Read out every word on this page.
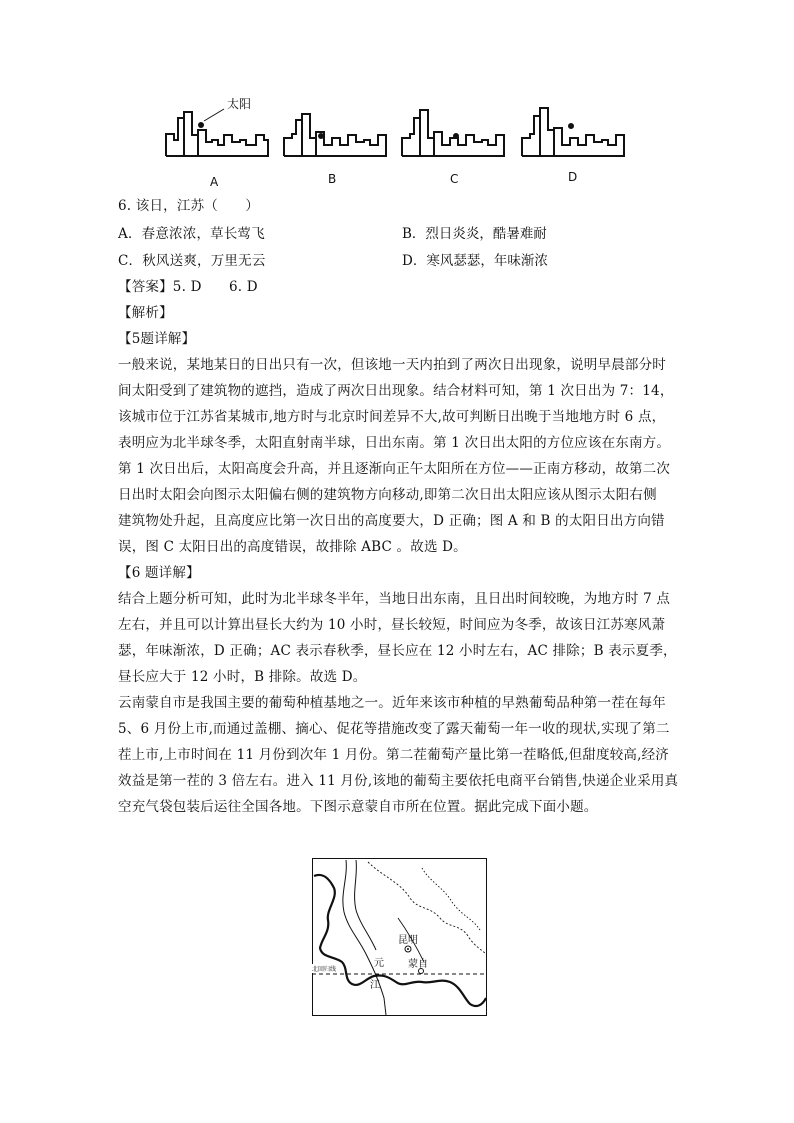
太阳
A	B	C	D
6. 该日，江苏（　　）
A．春意浓浓，草长莺飞	B．烈日炎炎，酷暑难耐
C．秋风送爽，万里无云	D．寒风瑟瑟，年味渐浓
【答案】5. D　　6. D
【解析】
【5题详解】
一般来说，某地某日的日出只有一次，但该地一天内拍到了两次日出现象，说明早晨部分时
间太阳受到了建筑物的遮挡，造成了两次日出现象。结合材料可知，第 1 次日出为 7：14，
该城市位于江苏省某城市,地方时与北京时间差异不大,故可判断日出晚于当地地方时 6 点，
表明应为北半球冬季，太阳直射南半球，日出东南。第 1 次日出太阳的方位应该在东南方。
第 1 次日出后，太阳高度会升高，并且逐渐向正午太阳所在方位——正南方移动，故第二次
日出时太阳会向图示太阳偏右侧的建筑物方向移动,即第二次日出太阳应该从图示太阳右侧
建筑物处升起，且高度应比第一次日出的高度要大，D 正确；图 A 和 B 的太阳日出方向错
误，图 C 太阳日出的高度错误，故排除 ABC 。故选 D。
【6 题详解】
结合上题分析可知，此时为北半球冬半年，当地日出东南，且日出时间较晚，为地方时 7 点
左右，并且可以计算出昼长大约为 10 小时，昼长较短，时间应为冬季，故该日江苏寒风萧
瑟，年味渐浓，D 正确；AC 表示春秋季，昼长应在 12 小时左右，AC 排除；B 表示夏季，
昼长应大于 12 小时，B 排除。故选 D。
云南蒙自市是我国主要的葡萄种植基地之一。近年来该市种植的早熟葡萄品种第一茬在每年
5、6 月份上市,而通过盖棚、摘心、促花等措施改变了露天葡萄一年一收的现状,实现了第二
茬上市,上市时间在 11 月份到次年 1 月份。第二茬葡萄产量比第一茬略低,但甜度较高,经济
效益是第一茬的 3 倍左右。进入 11 月份,该地的葡萄主要依托电商平台销售,快递企业采用真
空充气袋包装后运往全国各地。下图示意蒙自市所在位置。据此完成下面小题。
昆明
蒙自
元
江
北回归线
